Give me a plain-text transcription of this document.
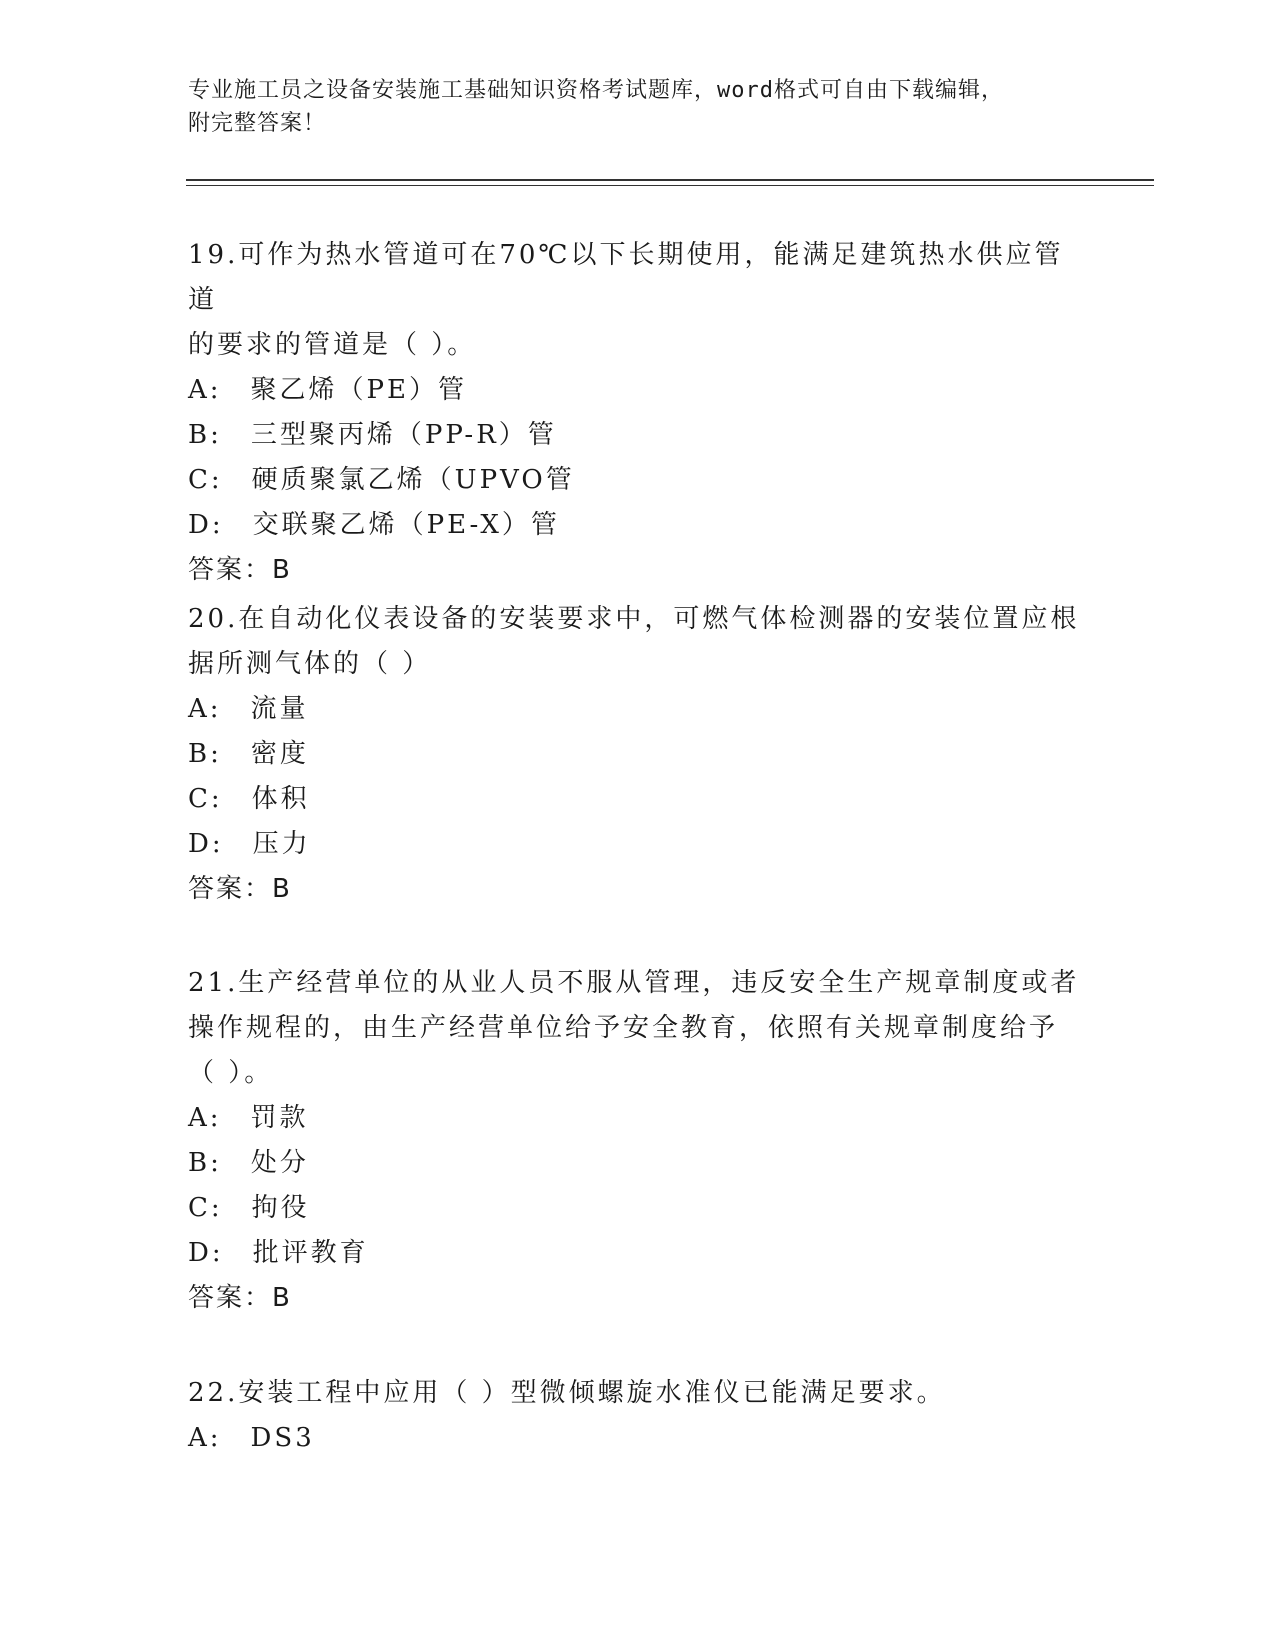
专业施工员之设备安装施工基础知识资格考试题库，word格式可自由下载编辑，
附完整答案！

19.可作为热水管道可在70℃以下长期使用，能满足建筑热水供应管道

的要求的管道是（ ）。

A:　聚乙烯（PE）管

B:　三型聚丙烯（PP-R）管

C:　硬质聚氯乙烯（UPVO管

D:　交联聚乙烯（PE-X）管

答案：B

20.在自动化仪表设备的安装要求中，可燃气体检测器的安装位置应根

据所测气体的（ ）

A:　流量

B:　密度

C:　体积

D:　压力

答案：B

21.生产经营单位的从业人员不服从管理，违反安全生产规章制度或者

操作规程的，由生产经营单位给予安全教育，依照有关规章制度给予

（ ）。

A:　罚款

B:　处分

C:　拘役

D:　批评教育

答案：B

22.安装工程中应用（ ）型微倾螺旋水准仪已能满足要求。

A:　DS3
